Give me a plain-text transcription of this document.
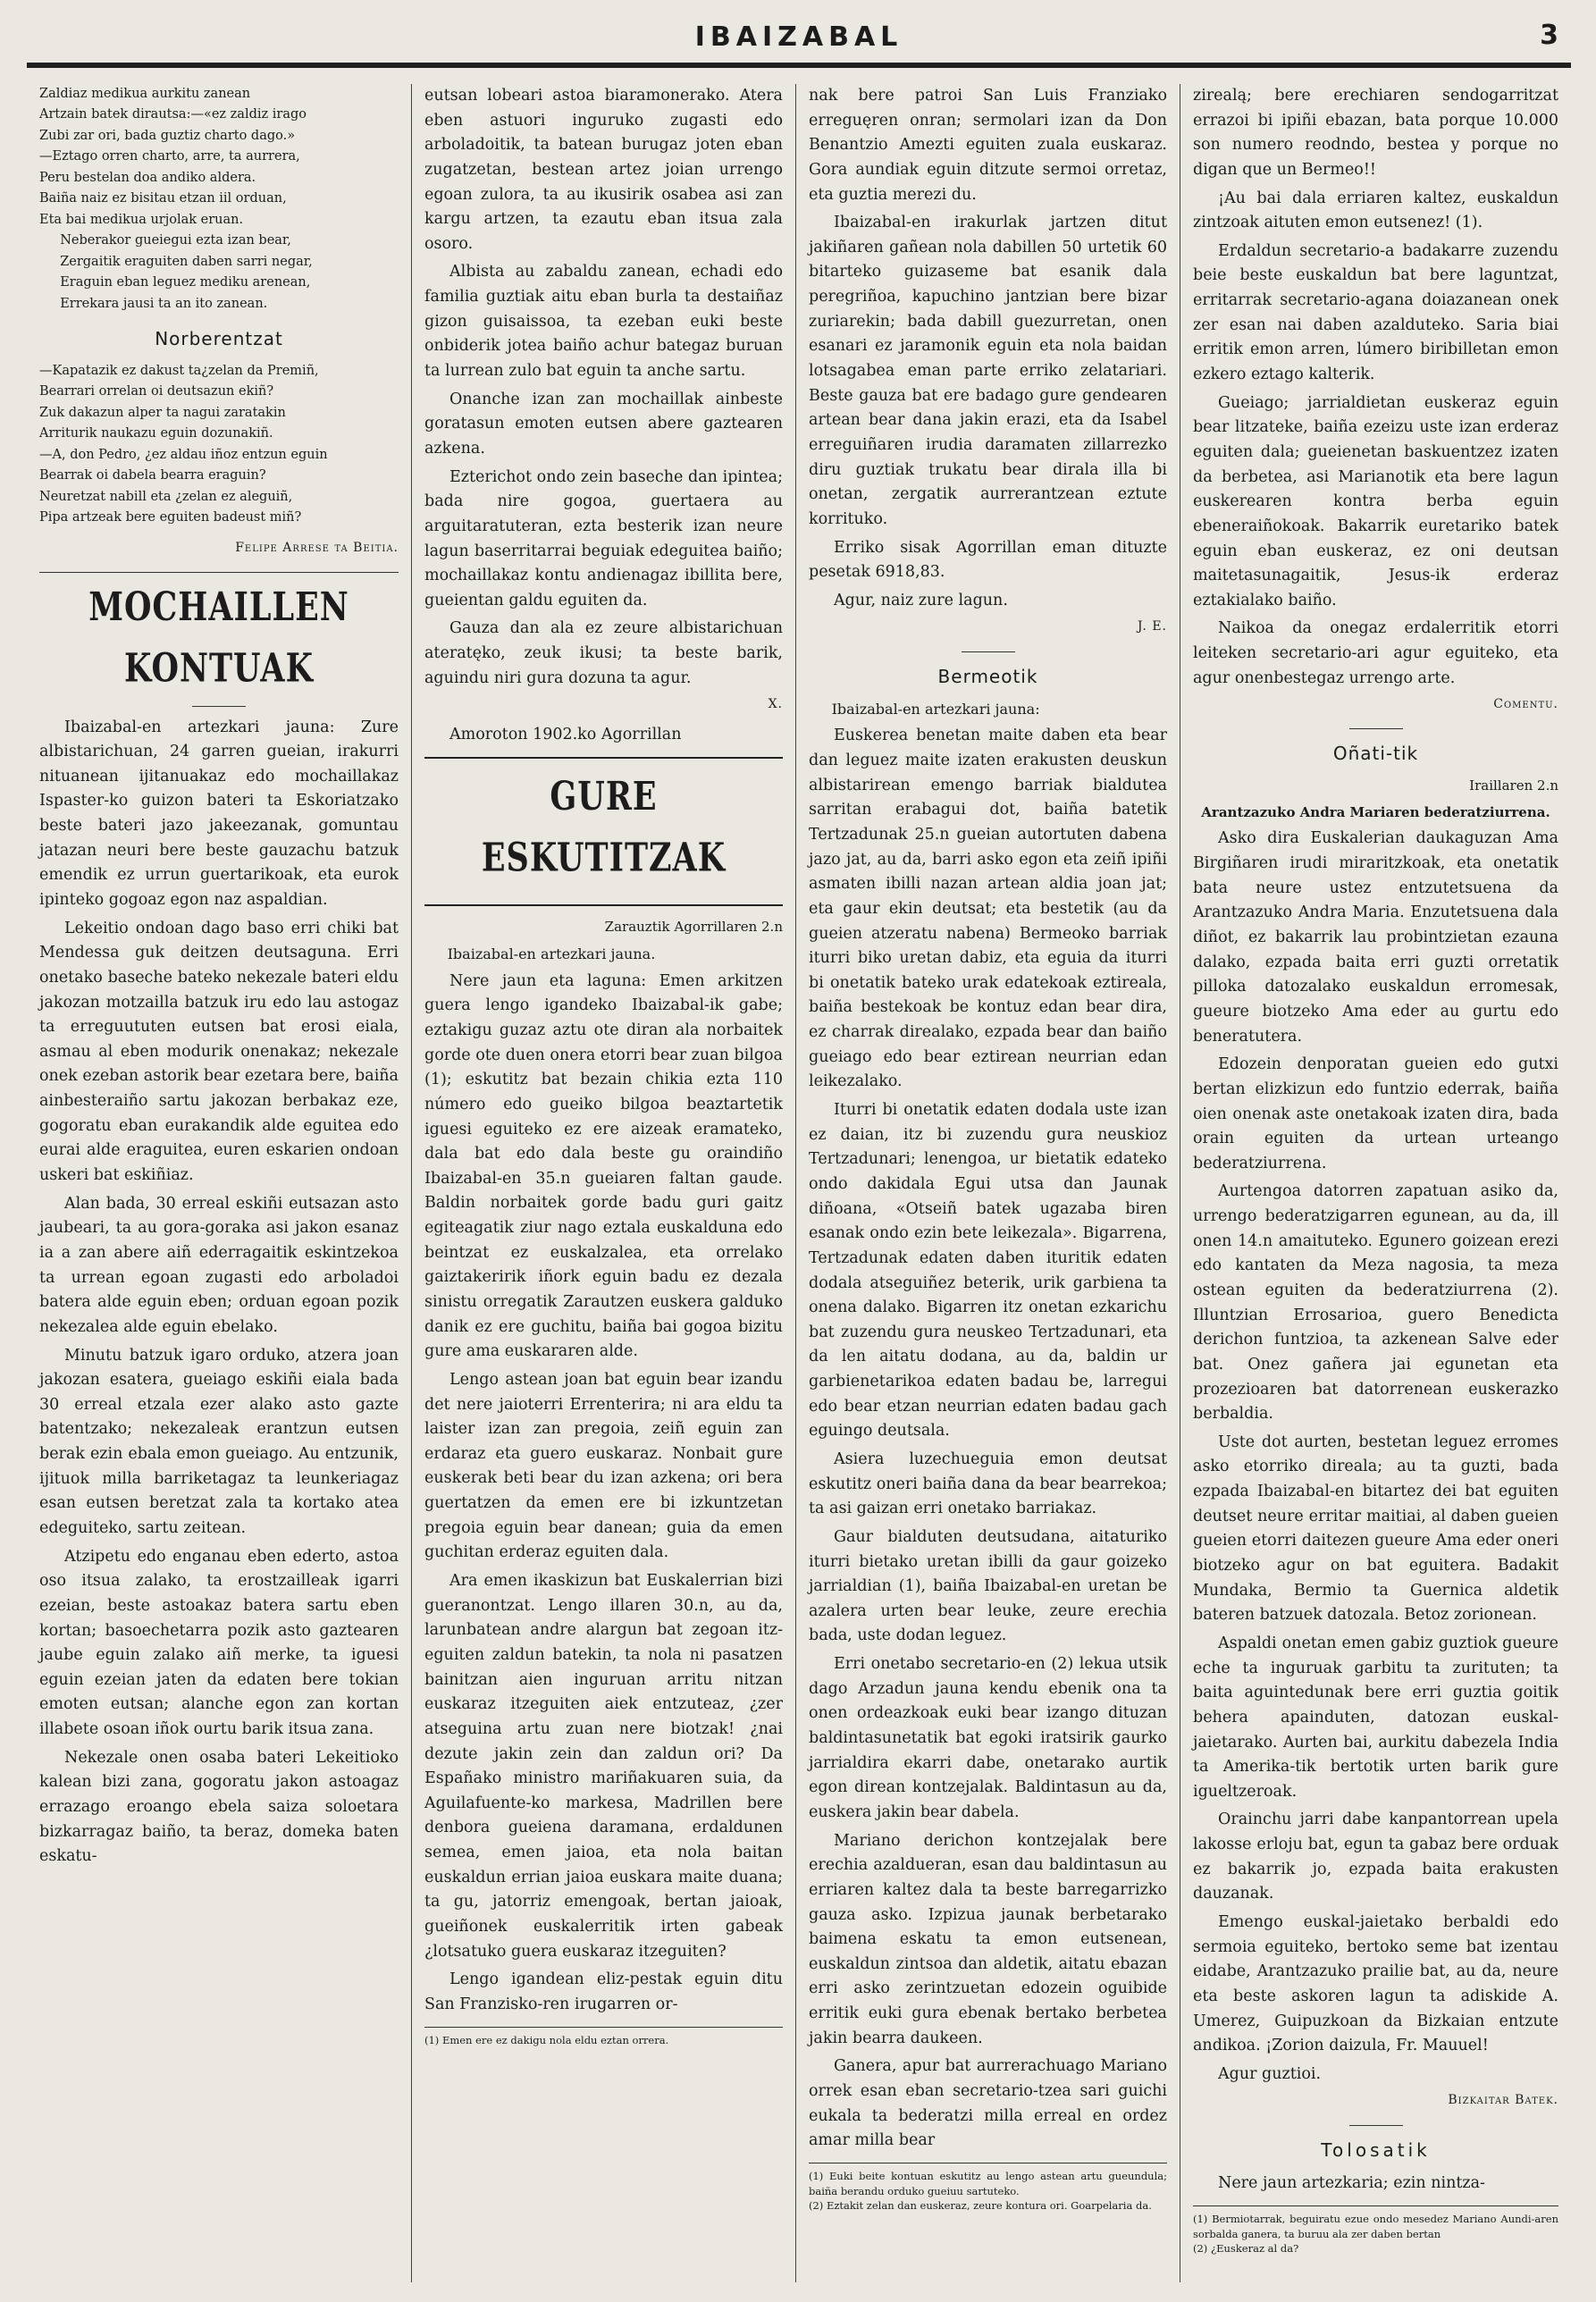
IBAIZABAL	3
Zaldiaz medikua aurkitu zanean
Artzain batek dirautsa:—«ez zaldiz irago
Zubi zar ori, bada guztiz charto dago.»
—Eztago orren charto, arre, ta aurrera,
Peru bestelan doa andiko aldera.
Baiña naiz ez bisitau etzan iil orduan,
Eta bai medikua urjolak eruan.
Neberakor gueiegui ezta izan bear,
Zergaitik eraguiten daben sarri negar,
Eraguin eban leguez mediku arenean,
Errekara jausi ta an ito zanean.
Norberentzat
—Kapatazik ez dakust ta¿zelan da Premiñ,
Bearrari orrelan oi deutsazun ekiñ?
Zuk dakazun alper ta nagui zaratakin
Arriturik naukazu eguin dozunakiñ.
—A, don Pedro, ¿ez aldau iñoz entzun eguin
Bearrak oi dabela bearra eraguin?
Neuretzat nabill eta ¿zelan ez aleguiñ,
Pipa artzeak bere eguiten badeust miñ?
Felipe Arrese ta Beitia.
MOCHAILLEN KONTUAK

Ibaizabal-en artezkari jauna: Zure albistarichuan, 24 garren gueian, irakurri nituanean ijitanuakaz edo mochaillakaz Ispaster-ko guizon bateri ta Eskoriatzako beste bateri jazo jakeezanak, gomuntau jatazan neuri bere beste gauzachu batzuk emendik ez urrun guertarikoak, eta eurok ipinteko gogoaz egon naz aspaldian.

Lekeitio ondoan dago baso erri chiki bat Mendessa guk deitzen deutsaguna. Erri onetako baseche bateko nekezale bateri eldu jakozan motzailla batzuk iru edo lau astogaz ta erreguututen eutsen bat erosi eiala, asmau al eben modurik onenakaz; nekezale onek ezeban astorik bear ezetara bere, baiña ainbesteraiño sartu jakozan berbakaz eze, gogoratu eban eurakandik alde eguitea edo eurai alde eraguitea, euren eskarien ondoan uskeri bat eskiñiaz.

Alan bada, 30 erreal eskiñi eutsazan asto jaubeari, ta au gora-goraka asi jakon esanaz ia a zan abere aiñ ederragaitik eskintzekoa ta urrean egoan zugasti edo arboladoi batera alde eguin eben; orduan egoan pozik nekezalea alde eguin ebelako.

Minutu batzuk igaro orduko, atzera joan jakozan esatera, gueiago eskiñi eiala bada 30 erreal etzala ezer alako asto gazte batentzako; nekezaleak erantzun eutsen berak ezin ebala emon gueiago. Au entzunik, ijituok milla barriketagaz ta leunkeriagaz esan eutsen beretzat zala ta kortako atea edeguiteko, sartu zeitean.

Atzipetu edo enganau eben ederto, astoa oso itsua zalako, ta erostzailleak igarri ezeian, beste astoakaz batera sartu eben kortan; basoechetarra pozik asto gaztearen jaube eguin zalako aiñ merke, ta iguesi eguin ezeian jaten da edaten bere tokian emoten eutsan; alanche egon zan kortan illabete osoan iñok ourtu barik itsua zana.

Nekezale onen osaba bateri Lekeitioko kalean bizi zana, gogoratu jakon astoagaz errazago eroango ebela saiza soloetara bizkarragaz baiño, ta beraz, domeka baten eskatu-

eutsan lobeari astoa biaramonerako. Atera eben astuori inguruko zugasti edo arboladoitik, ta batean burugaz joten eban zugatzetan, bestean artez joian urrengo egoan zulora, ta au ikusirik osabea asi zan kargu artzen, ta ezautu eban itsua zala osoro.

Albista au zabaldu zanean, echadi edo familia guztiak aitu eban burla ta destaiñaz gizon guisaissoa, ta ezeban euki beste onbiderik jotea baiño achur bategaz buruan ta lurrean zulo bat eguin ta anche sartu.

Onanche izan zan mochaillak ainbeste goratasun emoten eutsen abere gaztearen azkena.

Ezterichot ondo zein baseche dan ipintea; bada nire gogoa, guertaera au arguitaratuteran, ezta besterik izan neure lagun baserritarrai beguiak edeguitea baiño; mochaillakaz kontu andienagaz ibillita bere, gueientan galdu eguiten da.

Gauza dan ala ez zeure albistarichuan ateratęko, zeuk ikusi; ta beste barik, aguindu niri gura dozuna ta agur.

X.

Amoroton 1902.ko Agorrillan

GURE ESKUTITZAK
Zarauztik Agorrillaren 2.n

Ibaizabal-en artezkari jauna.

Nere jaun eta laguna: Emen arkitzen guera lengo igandeko Ibaizabal-ik gabe; eztakigu guzaz aztu ote diran ala norbaitek gorde ote duen onera etorri bear zuan bilgoa (1); eskutitz bat bezain chikia ezta 110 número edo gueiko bilgoa beaztartetik iguesi eguiteko ez ere aizeak eramateko, dala bat edo dala beste gu oraindiño Ibaizabal-en 35.n gueiaren faltan gaude. Baldin norbaitek gorde badu guri gaitz egiteagatik ziur nago eztala euskalduna edo beintzat ez euskalzalea, eta orrelako gaiztakeririk iñork eguin badu ez dezala sinistu orregatik Zarautzen euskera galduko danik ez ere guchitu, baiña bai gogoa bizitu gure ama euskararen alde.

Lengo astean joan bat eguin bear izandu det nere jaioterri Errenterira; ni ara eldu ta laister izan zan pregoia, zeiñ eguin zan erdaraz eta guero euskaraz. Nonbait gure euskerak beti bear du izan azkena; ori bera guertatzen da emen ere bi izkuntzetan pregoia eguin bear danean; guia da emen guchitan erderaz eguiten dala.

Ara emen ikaskizun bat Euskalerrian bizi gueranontzat. Lengo illaren 30.n, au da, larunbatean andre alargun bat zegoan itz-eguiten zaldun batekin, ta nola ni pasatzen bainitzan aien inguruan arritu nitzan euskaraz itzeguiten aiek entzuteaz, ¿zer atseguina artu zuan nere biotzak! ¿nai dezute jakin zein dan zaldun ori? Da Españako ministro mariñakuaren suia, da Aguilafuente-ko markesa, Madrillen bere denbora gueiena daramana, erdaldunen semea, emen jaioa, eta nola baitan euskaldun errian jaioa euskara maite duana; ta gu, jatorriz emengoak, bertan jaioak, gueiñonek euskalerritik irten gabeak ¿lotsatuko guera euskaraz itzeguiten?

Lengo igandean eliz-pestak eguin ditu San Franzisko-ren irugarren or-

(1) Emen ere ez dakigu nola eldu eztan orrera.

nak bere patroi San Luis Franziako erreguęren onran; sermolari izan da Don Benantzio Amezti eguiten zuala euskaraz. Gora aundiak eguin ditzute sermoi orretaz, eta guztia merezi du.

Ibaizabal-en irakurlak jartzen ditut jakiñaren gañean nola dabillen 50 urtetik 60 bitarteko guizaseme bat esanik dala peregriñoa, kapuchino jantzian bere bizar zuriarekin; bada dabill guezurretan, onen esanari ez jaramonik eguin eta nola baidan lotsagabea eman parte erriko zelatariari. Beste gauza bat ere badago gure gendearen artean bear dana jakin erazi, eta da Isabel erreguiñaren irudia daramaten zillarrezko diru guztiak trukatu bear dirala illa bi onetan, zergatik aurrerantzean eztute korrituko.

Erriko sisak Agorrillan eman dituzte pesetak 6918,83.

Agur, naiz zure lagun.

J. E.
Bermeotik

Ibaizabal-en artezkari jauna:

Euskerea benetan maite daben eta bear dan leguez maite izaten erakusten deuskun albistarirean emengo barriak bialdutea sarritan erabagui dot, baiña batetik Tertzadunak 25.n gueian autortuten dabena jazo jat, au da, barri asko egon eta zeiñ ipiñi asmaten ibilli nazan artean aldia joan jat; eta gaur ekin deutsat; eta bestetik (au da gueien atzeratu nabena) Bermeoko barriak iturri biko uretan dabiz, eta eguia da iturri bi onetatik bateko urak edatekoak eztireala, baiña bestekoak be kontuz edan bear dira, ez charrak direalako, ezpada bear dan baiño gueiago edo bear eztirean neurrian edan leikezalako.

Iturri bi onetatik edaten dodala uste izan ez daian, itz bi zuzendu gura neuskioz Tertzadunari; lenengoa, ur bietatik edateko ondo dakidala Egui utsa dan Jaunak diñoana, «Otseiñ batek ugazaba biren esanak ondo ezin bete leikezala». Bigarrena, Tertzadunak edaten daben ituritik edaten dodala atseguiñez beterik, urik garbiena ta onena dalako. Bigarren itz onetan ezkarichu bat zuzendu gura neuskeo Tertzadunari, eta da len aitatu dodana, au da, baldin ur garbienetarikoa edaten badau be, larregui edo bear etzan neurrian edaten badau gach eguingo deutsala.

Asiera luzechueguia emon deutsat eskutitz oneri baiña dana da bear bearrekoa; ta asi gaizan erri onetako barriakaz.

Gaur bialduten deutsudana, aitaturiko iturri bietako uretan ibilli da gaur goizeko jarrialdian (1), baiña Ibaizabal-en uretan be azalera urten bear leuke, zeure erechia bada, uste dodan leguez.

Erri onetabo secretario-en (2) lekua utsik dago Arzadun jauna kendu ebenik ona ta onen ordeazkoak euki bear izango dituzan baldintasunetatik bat egoki iratsirik gaurko jarrialdira ekarri dabe, onetarako aurtik egon direan kontzejalak. Baldintasun au da, euskera jakin bear dabela.

Mariano derichon kontzejalak bere erechia azaldueran, esan dau baldintasun au erriaren kaltez dala ta beste barregarrizko gauza asko. Izpizua jaunak berbetarako baimena eskatu ta emon eutsenean, euskaldun zintsoa dan aldetik, aitatu ebazan erri asko zerintzuetan edozein oguibide erritik euki gura ebenak bertako berbetea jakin bearra daukeen.

Ganera, apur bat aurrerachuago Mariano orrek esan eban secretario-tzea sari guichi eukala ta bederatzi milla erreal en ordez amar milla bear

(1) Euki beite kontuan eskutitz au lengo astean artu gueundula; baiña berandu orduko gueiuu sartuteko.
(2) Eztakit zelan dan euskeraz, zeure kontura ori. Goarpelaria da.

zirealą; bere erechiaren sendogarritzat errazoi bi ipiñi ebazan, bata porque 10.000 son numero reodndo, bestea y porque no digan que un Bermeo!!

¡Au bai dala erriaren kaltez, euskaldun zintzoak aituten emon eutsenez! (1).

Erdaldun secretario-a badakarre zuzendu beie beste euskaldun bat bere laguntzat, erritarrak secretario-agana doiazanean onek zer esan nai daben azalduteko. Saria biai erritik emon arren, lúmero biribilletan emon ezkero eztago kalterik.

Gueiago; jarrialdietan euskeraz eguin bear litzateke, baiña ezeizu uste izan erderaz eguiten dala; gueienetan baskuentzez izaten da berbetea, asi Marianotik eta bere lagun euskerearen kontra berba eguin ebeneraiñokoak. Bakarrik euretariko batek eguin eban euskeraz, ez oni deutsan maitetasunagaitik, Jesus-ik erderaz eztakialako baiño.

Naikoa da onegaz erdalerritik etorri leiteken secretario-ari agur eguiteko, eta agur onenbestegaz urrengo arte.

Comentu.
Oñati-tik
Iraillaren 2.n

Arantzazuko Andra Mariaren bederatziurrena.

Asko dira Euskalerian daukaguzan Ama Birgiñaren irudi miraritzkoak, eta onetatik bata neure ustez entzutetsuena da Arantzazuko Andra Maria. Enzutetsuena dala diñot, ez bakarrik lau probintzietan ezauna dalako, ezpada baita erri guzti orretatik pilloka datozalako euskaldun erromesak, gueure biotzeko Ama eder au gurtu edo beneratutera.

Edozein denporatan gueien edo gutxi bertan elizkizun edo funtzio ederrak, baiña oien onenak aste onetakoak izaten dira, bada orain eguiten da urtean urteango bederatziurrena.

Aurtengoa datorren zapatuan asiko da, urrengo bederatzigarren egunean, au da, ill onen 14.n amaituteko. Egunero goizean erezi edo kantaten da Meza nagosia, ta meza ostean eguiten da bederatziurrena (2). Illuntzian Errosarioa, guero Benedicta derichon funtzioa, ta azkenean Salve eder bat. Onez gañera jai egunetan eta prozezioaren bat datorrenean euskerazko berbaldia.

Uste dot aurten, bestetan leguez erromes asko etorriko direala; au ta guzti, bada ezpada Ibaizabal-en bitartez dei bat eguiten deutset neure erritar maitiai, al daben gueien gueien etorri daitezen gueure Ama eder oneri biotzeko agur on bat eguitera. Badakit Mundaka, Bermio ta Guernica aldetik bateren batzuek datozala. Betoz zorionean.

Aspaldi onetan emen gabiz guztiok gueure eche ta inguruak garbitu ta zurituten; ta baita aguintedunak bere erri guztia goitik behera apainduten, datozan euskal-jaietarako. Aurten bai, aurkitu dabezela India ta Amerika-tik bertotik urten barik gure igueltzeroak.

Orainchu jarri dabe kanpantorrean upela lakosse erloju bat, egun ta gabaz bere orduak ez bakarrik jo, ezpada baita erakusten dauzanak.

Emengo euskal-jaietako berbaldi edo sermoia eguiteko, bertoko seme bat izentau eidabe, Arantzazuko prailie bat, au da, neure eta beste askoren lagun ta adiskide A. Umerez, Guipuzkoan da Bizkaian entzute andikoa. ¡Zorion daizula, Fr. Mauuel!

Agur guztioi.

Bizkaitar Batek.
Tolosatik

Nere jaun artezkaria; ezin nintza-

(1) Bermiotarrak, beguiratu ezue ondo mesedez Mariano Aundi-aren sorbalda ganera, ta buruu ala zer daben bertan
(2) ¿Euskeraz al da?
